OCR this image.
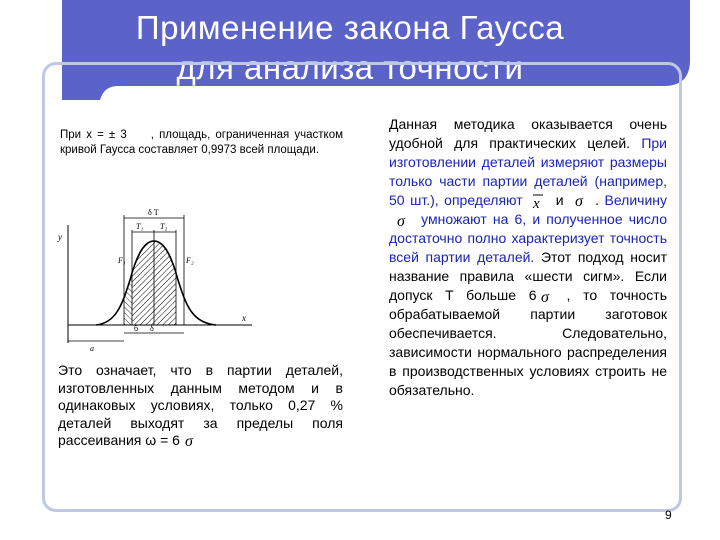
Применение закона Гаусса
для анализа точности
При x = ± 3 , площадь, ограниченная участком кривой Гаусса составляет 0,9973 всей площади.
y
x
δ T
T₁ T₂
F₁	F₂
δ
б
a
Это означает, что в партии деталей, изготовленных данным методом и в одинаковых условиях, только 0,27 % деталей выходят за пределы поля рассеивания ω = 6 σ
Данная методика оказывается очень удобной для практических целей. При изготовлении деталей измеряют размеры только части партии деталей (например, 50 шт.), определяют x и σ . Величину
σ умножают на 6, и полученное число достаточно полно характеризует точность всей партии деталей. Этот подход носит название правила «шести сигм». Если допуск T больше 6 σ , то точность обрабатываемой партии заготовок обеспечивается. Следовательно, зависимости нормального распределения в производственных условиях строить не обязательно.
9
